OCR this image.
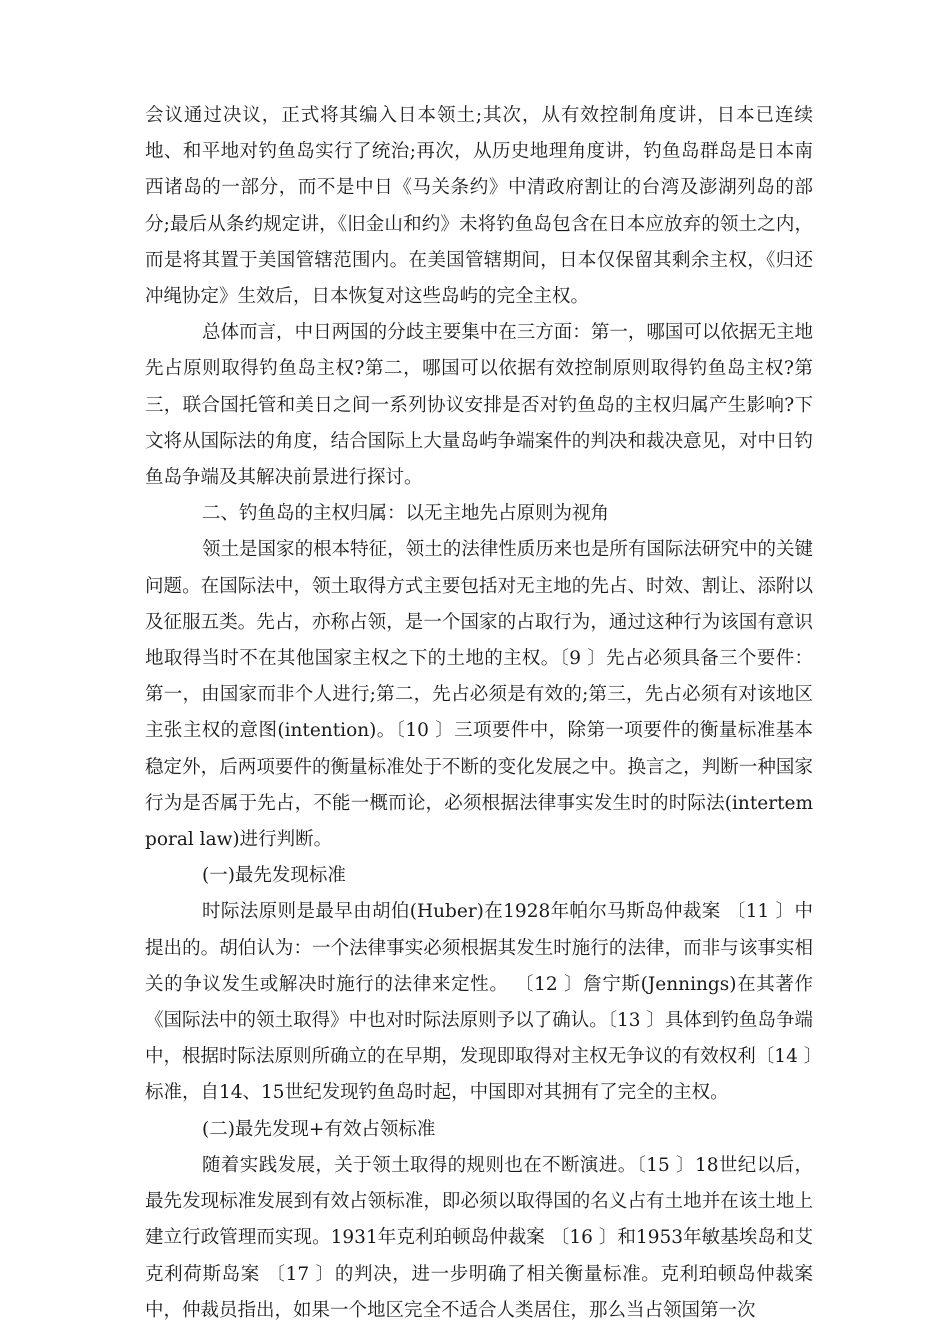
会议通过决议，正式将其编入日本领土;其次，从有效控制角度讲，日本已连续地、和平地对钓鱼岛实行了统治;再次，从历史地理角度讲，钓鱼岛群岛是日本南西诸岛的一部分，而不是中日《马关条约》中清政府割让的台湾及澎湖列岛的部分;最后从条约规定讲，《旧金山和约》未将钓鱼岛包含在日本应放弃的领土之内，而是将其置于美国管辖范围内。在美国管辖期间，日本仅保留其剩余主权，《归还冲绳协定》生效后，日本恢复对这些岛屿的完全主权。

总体而言，中日两国的分歧主要集中在三方面：第一，哪国可以依据无主地先占原则取得钓鱼岛主权?第二，哪国可以依据有效控制原则取得钓鱼岛主权?第三，联合国托管和美日之间一系列协议安排是否对钓鱼岛的主权归属产生影响?下文将从国际法的角度，结合国际上大量岛屿争端案件的判决和裁决意见，对中日钓鱼岛争端及其解决前景进行探讨。

二、钓鱼岛的主权归属：以无主地先占原则为视角

领土是国家的根本特征，领土的法律性质历来也是所有国际法研究中的关键问题。在国际法中，领土取得方式主要包括对无主地的先占、时效、割让、添附以及征服五类。先占，亦称占领，是一个国家的占取行为，通过这种行为该国有意识地取得当时不在其他国家主权之下的土地的主权。〔9 〕先占必须具备三个要件：第一，由国家而非个人进行;第二，先占必须是有效的;第三，先占必须有对该地区主张主权的意图(intention)。〔10 〕三项要件中，除第一项要件的衡量标准基本稳定外，后两项要件的衡量标准处于不断的变化发展之中。换言之，判断一种国家行为是否属于先占，不能一概而论，必须根据法律事实发生时的时际法(intertemporal law)进行判断。

(一)最先发现标准

时际法原则是最早由胡伯(Huber)在1928年帕尔马斯岛仲裁案 〔11 〕中提出的。胡伯认为：一个法律事实必须根据其发生时施行的法律，而非与该事实相关的争议发生或解决时施行的法律来定性。 〔12 〕詹宁斯(Jennings)在其著作《国际法中的领土取得》中也对时际法原则予以了确认。〔13 〕具体到钓鱼岛争端中，根据时际法原则所确立的在早期，发现即取得对主权无争议的有效权利〔14 〕标准，自14、15世纪发现钓鱼岛时起，中国即对其拥有了完全的主权。

(二)最先发现+有效占领标准

随着实践发展，关于领土取得的规则也在不断演进。〔15 〕18世纪以后，最先发现标准发展到有效占领标准，即必须以取得国的名义占有土地并在该土地上建立行政管理而实现。1931年克利珀顿岛仲裁案 〔16 〕和1953年敏基埃岛和艾克利荷斯岛案 〔17 〕的判决，进一步明确了相关衡量标准。克利珀顿岛仲裁案中，仲裁员指出，如果一个地区完全不适合人类居住，那么当占领国第一次
